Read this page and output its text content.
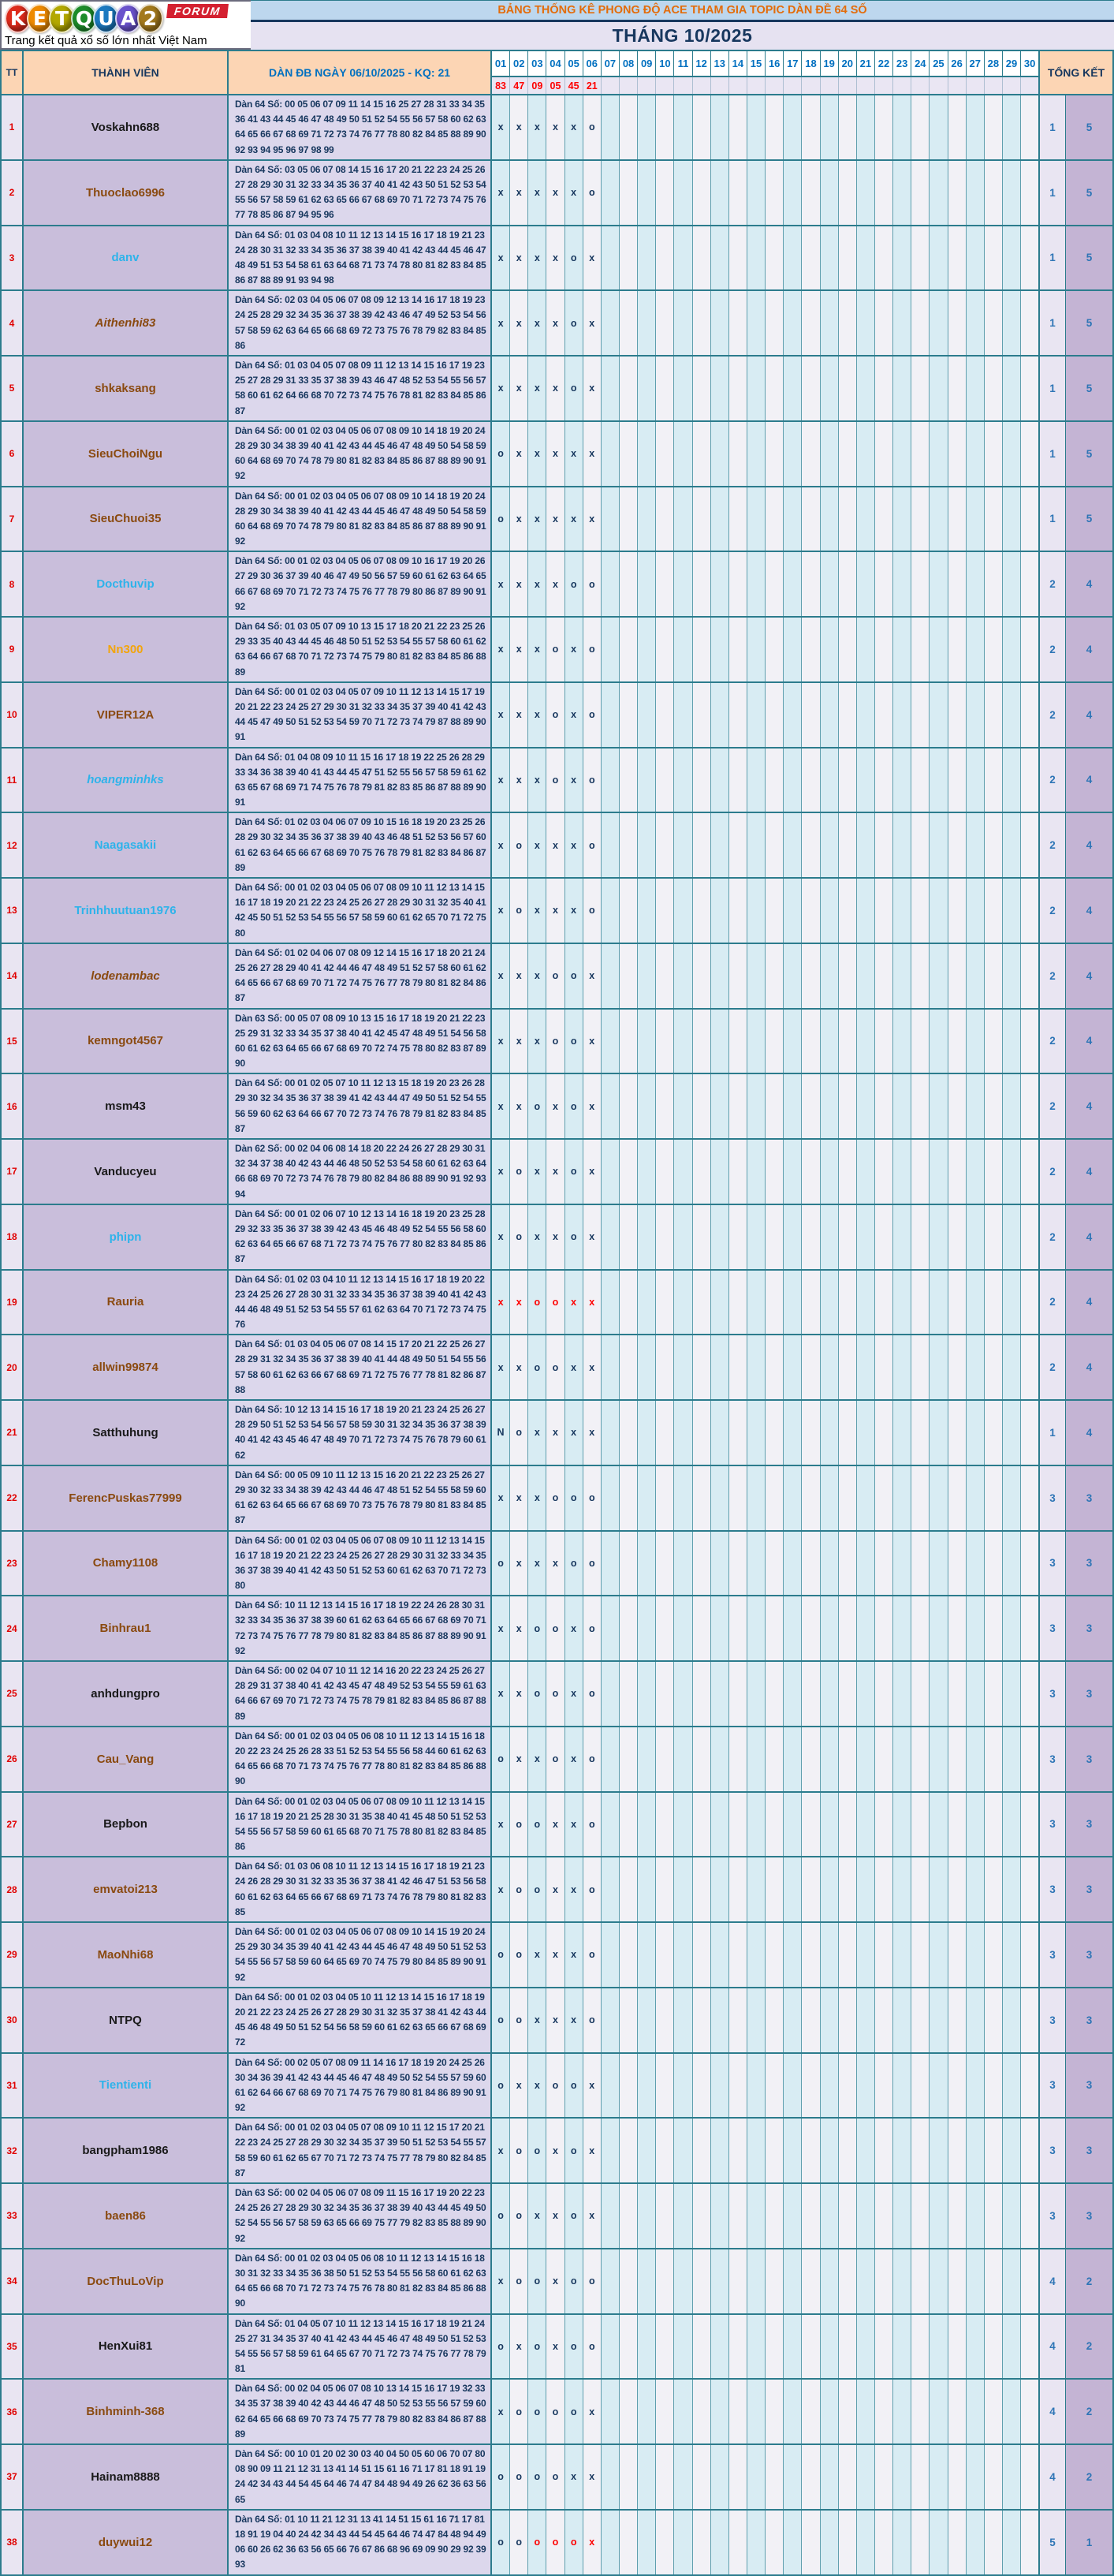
K E T Q U A 2	FORUM
Trang kết quả xổ số lớn nhất Việt Nam
BẢNG THỐNG KÊ PHONG ĐỘ ACE THAM GIA TOPIC DÀN ĐỀ 64 SỐ
THÁNG 10/2025
TT	THÀNH VIÊN	DÀN ĐB NGÀY 06/10/2025 - KQ: 21
01 02 03 04 05 06 07 08 09 10 11 12 13 14 15 16 17 18 19 20 21 22 23 24 25 26 27 28 29 30
83 47 09 05 45 21
TỔNG KẾT
1	Voskahn688
Dàn 64 Số: 00 05 06 07 09 11 14 15 16 25 27 28 31 33 34 35 36 41 43 44 45 46 47 48 49 50 51 52 54 55 56 57 58 60 62 63 64 65 66 67 68 69 71 72 73 74 76 77 78 80 82 84 85 88 89 90 92 93 94 95 96 97 98 99
x	x	x	x	x	o	1	5
2	Thuoclao6996
Dàn 64 Số: 03 05 06 07 08 14 15 16 17 20 21 22 23 24 25 26 27 28 29 30 31 32 33 34 35 36 37 40 41 42 43 50 51 52 53 54 55 56 57 58 59 61 62 63 65 66 67 68 69 70 71 72 73 74 75 76 77 78 85 86 87 94 95 96
x	x	x	x	x	o	1	5
3	danv
Dàn 64 Số: 01 03 04 08 10 11 12 13 14 15 16 17 18 19 21 23 24 28 30 31 32 33 34 35 36 37 38 39 40 41 42 43 44 45 46 47 48 49 51 53 54 58 61 63 64 68 71 73 74 78 80 81 82 83 84 85 86 87 88 89 91 93 94 98
x	x	x	x	o	x	1	5
4	Aithenhi83
Dàn 64 Số: 02 03 04 05 06 07 08 09 12 13 14 16 17 18 19 23 24 25 28 29 32 34 35 36 37 38 39 42 43 46 47 49 52 53 54 56 57 58 59 62 63 64 65 66 68 69 72 73 75 76 78 79 82 83 84 85 86
x	x	x	x	o	x	1	5
5	shkaksang
Dàn 64 Số: 01 03 04 05 07 08 09 11 12 13 14 15 16 17 19 23 25 27 28 29 31 33 35 37 38 39 43 46 47 48 52 53 54 55 56 57 58 60 61 62 64 66 68 70 72 73 74 75 76 78 81 82 83 84 85 86 87
x	x	x	x	o	x	1	5
6	SieuChoiNgu
Dàn 64 Số: 00 01 02 03 04 05 06 07 08 09 10 14 18 19 20 24 28 29 30 34 38 39 40 41 42 43 44 45 46 47 48 49 50 54 58 59 60 64 68 69 70 74 78 79 80 81 82 83 84 85 86 87 88 89 90 91 92
o	x	x	x	x	x	1	5
7	SieuChuoi35
Dàn 64 Số: 00 01 02 03 04 05 06 07 08 09 10 14 18 19 20 24 28 29 30 34 38 39 40 41 42 43 44 45 46 47 48 49 50 54 58 59 60 64 68 69 70 74 78 79 80 81 82 83 84 85 86 87 88 89 90 91 92
o	x	x	x	x	x	1	5
8	Docthuvip
Dàn 64 Số: 00 01 02 03 04 05 06 07 08 09 10 16 17 19 20 26 27 29 30 36 37 39 40 46 47 49 50 56 57 59 60 61 62 63 64 65 66 67 68 69 70 71 72 73 74 75 76 77 78 79 80 86 87 89 90 91 92
x	x	x	x	o	o	2	4
9	Nn300
Dàn 64 Số: 01 03 05 07 09 10 13 15 17 18 20 21 22 23 25 26 29 33 35 40 43 44 45 46 48 50 51 52 53 54 55 57 58 60 61 62 63 64 66 67 68 70 71 72 73 74 75 79 80 81 82 83 84 85 86 88 89
x	x	x	o	x	o	2	4
10	VIPER12A
Dàn 64 Số: 00 01 02 03 04 05 07 09 10 11 12 13 14 15 17 19 20 21 22 23 24 25 27 29 30 31 32 33 34 35 37 39 40 41 42 43 44 45 47 49 50 51 52 53 54 59 70 71 72 73 74 79 87 88 89 90 91
x	x	x	o	x	o	2	4
11	hoangminhks
Dàn 64 Số: 01 04 08 09 10 11 15 16 17 18 19 22 25 26 28 29 33 34 36 38 39 40 41 43 44 45 47 51 52 55 56 57 58 59 61 62 63 65 67 68 69 71 74 75 76 78 79 81 82 83 85 86 87 88 89 90 91
x	x	x	o	x	o	2	4
12	Naagasakii
Dàn 64 Số: 01 02 03 04 06 07 09 10 15 16 18 19 20 23 25 26 28 29 30 32 34 35 36 37 38 39 40 43 46 48 51 52 53 56 57 60 61 62 63 64 65 66 67 68 69 70 75 76 78 79 81 82 83 84 86 87 89
x	o	x	x	x	o	2	4
13	Trinhhuutuan1976
Dàn 64 Số: 00 01 02 03 04 05 06 07 08 09 10 11 12 13 14 15 16 17 18 19 20 21 22 23 24 25 26 27 28 29 30 31 32 35 40 41 42 45 50 51 52 53 54 55 56 57 58 59 60 61 62 65 70 71 72 75 80
x	o	x	x	x	o	2	4
14	lodenambac
Dàn 64 Số: 01 02 04 06 07 08 09 12 14 15 16 17 18 20 21 24 25 26 27 28 29 40 41 42 44 46 47 48 49 51 52 57 58 60 61 62 64 65 66 67 68 69 70 71 72 74 75 76 77 78 79 80 81 82 84 86 87
x	x	x	o	o	x	2	4
15	kemngot4567
Dàn 63 Số: 00 05 07 08 09 10 13 15 16 17 18 19 20 21 22 23 25 29 31 32 33 34 35 37 38 40 41 42 45 47 48 49 51 54 56 58 60 61 62 63 64 65 66 67 68 69 70 72 74 75 78 80 82 83 87 89 90
x	x	x	o	o	x	2	4
16	msm43
Dàn 64 Số: 00 01 02 05 07 10 11 12 13 15 18 19 20 23 26 28 29 30 32 34 35 36 37 38 39 41 42 43 44 47 49 50 51 52 54 55 56 59 60 62 63 64 66 67 70 72 73 74 76 78 79 81 82 83 84 85 87
x	x	o	x	o	x	2	4
17	Vanducyeu
Dàn 62 Số: 00 02 04 06 08 14 18 20 22 24 26 27 28 29 30 31 32 34 37 38 40 42 43 44 46 48 50 52 53 54 58 60 61 62 63 64 66 68 69 70 72 73 74 76 78 79 80 82 84 86 88 89 90 91 92 93 94
x	o	x	x	o	x	2	4
18	phipn
Dàn 64 Số: 00 01 02 06 07 10 12 13 14 16 18 19 20 23 25 28 29 32 33 35 36 37 38 39 42 43 45 46 48 49 52 54 55 56 58 60 62 63 64 65 66 67 68 71 72 73 74 75 76 77 80 82 83 84 85 86 87
x	o	x	x	o	x	2	4
19	Rauria
Dàn 64 Số: 01 02 03 04 10 11 12 13 14 15 16 17 18 19 20 22 23 24 25 26 27 28 30 31 32 33 34 35 36 37 38 39 40 41 42 43 44 46 48 49 51 52 53 54 55 57 61 62 63 64 70 71 72 73 74 75 76
x	x	o	o	x	x	2	4
20	allwin99874
Dàn 64 Số: 01 03 04 05 06 07 08 14 15 17 20 21 22 25 26 27 28 29 31 32 34 35 36 37 38 39 40 41 44 48 49 50 51 54 55 56 57 58 60 61 62 63 66 67 68 69 71 72 75 76 77 78 81 82 86 87 88
x	x	o	o	x	x	2	4
21	Satthuhung
Dàn 64 Số: 10 12 13 14 15 16 17 18 19 20 21 23 24 25 26 27 28 29 50 51 52 53 54 56 57 58 59 30 31 32 34 35 36 37 38 39 40 41 42 43 45 46 47 48 49 70 71 72 73 74 75 76 78 79 60 61 62
N	o	x	x	x	x	1	4
22	FerencPuskas77999
Dàn 64 Số: 00 05 09 10 11 12 13 15 16 20 21 22 23 25 26 27 29 30 32 33 34 38 39 42 43 44 46 47 48 51 52 54 55 58 59 60 61 62 63 64 65 66 67 68 69 70 73 75 76 78 79 80 81 83 84 85 87
x	x	x	o	o	o	3	3
23	Chamy1108
Dàn 64 Số: 00 01 02 03 04 05 06 07 08 09 10 11 12 13 14 15 16 17 18 19 20 21 22 23 24 25 26 27 28 29 30 31 32 33 34 35 36 37 38 39 40 41 42 43 50 51 52 53 60 61 62 63 70 71 72 73 80
o	x	x	x	o	o	3	3
24	Binhrau1
Dàn 64 Số: 10 11 12 13 14 15 16 17 18 19 22 24 26 28 30 31 32 33 34 35 36 37 38 39 60 61 62 63 64 65 66 67 68 69 70 71 72 73 74 75 76 77 78 79 80 81 82 83 84 85 86 87 88 89 90 91 92
x	x	o	o	x	o	3	3
25	anhdungpro
Dàn 64 Số: 00 02 04 07 10 11 12 14 16 20 22 23 24 25 26 27 28 29 31 37 38 40 41 42 43 45 47 48 49 52 53 54 55 59 61 63 64 66 67 69 70 71 72 73 74 75 78 79 81 82 83 84 85 86 87 88 89
x	x	o	o	x	o	3	3
26	Cau_Vang
Dàn 64 Số: 00 01 02 03 04 05 06 08 10 11 12 13 14 15 16 18 20 22 23 24 25 26 28 33 51 52 53 54 55 56 58 44 60 61 62 63 64 65 66 68 70 71 73 74 75 76 77 78 80 81 82 83 84 85 86 88 90
o	x	x	o	x	o	3	3
27	Bepbon
Dàn 64 Số: 00 01 02 03 04 05 06 07 08 09 10 11 12 13 14 15 16 17 18 19 20 21 25 28 30 31 35 38 40 41 45 48 50 51 52 53 54 55 56 57 58 59 60 61 65 68 70 71 75 78 80 81 82 83 84 85 86
x	o	o	x	x	o	3	3
28	emvatoi213
Dàn 64 Số: 01 03 06 08 10 11 12 13 14 15 16 17 18 19 21 23 24 26 28 29 30 31 32 33 35 36 37 38 41 42 46 47 51 53 56 58 60 61 62 63 64 65 66 67 68 69 71 73 74 76 78 79 80 81 82 83 85
x	o	o	x	x	o	3	3
29	MaoNhi68
Dàn 64 Số: 00 01 02 03 04 05 06 07 08 09 10 14 15 19 20 24 25 29 30 34 35 39 40 41 42 43 44 45 46 47 48 49 50 51 52 53 54 55 56 57 58 59 60 64 65 69 70 74 75 79 80 84 85 89 90 91 92
o	o	x	x	x	o	3	3
30	NTPQ
Dàn 64 Số: 00 01 02 03 04 05 10 11 12 13 14 15 16 17 18 19 20 21 22 23 24 25 26 27 28 29 30 31 32 35 37 38 41 42 43 44 45 46 48 49 50 51 52 54 56 58 59 60 61 62 63 65 66 67 68 69 72
o	o	x	x	x	o	3	3
31	Tientienti
Dàn 64 Số: 00 02 05 07 08 09 11 14 16 17 18 19 20 24 25 26 30 34 36 39 41 42 43 44 45 46 47 48 49 50 52 54 55 57 59 60 61 62 64 66 67 68 69 70 71 74 75 76 79 80 81 84 86 89 90 91 92
o	x	x	o	o	x	3	3
32	bangpham1986
Dàn 64 Số: 00 01 02 03 04 05 07 08 09 10 11 12 15 17 20 21 22 23 24 25 27 28 29 30 32 34 35 37 39 50 51 52 53 54 55 57 58 59 60 61 62 65 67 70 71 72 73 74 75 77 78 79 80 82 84 85 87
x	o	o	x	o	x	3	3
33	baen86
Dàn 63 Số: 00 02 04 05 06 07 08 09 11 15 16 17 19 20 22 23 24 25 26 27 28 29 30 32 34 35 36 37 38 39 40 43 44 45 49 50 52 54 55 56 57 58 59 63 65 66 69 75 77 79 82 83 85 88 89 90 92
o	o	x	x	o	x	3	3
34	DocThuLoVip
Dàn 64 Số: 00 01 02 03 04 05 06 08 10 11 12 13 14 15 16 18 30 31 32 33 34 35 36 38 50 51 52 53 54 55 56 58 60 61 62 63 64 65 66 68 70 71 72 73 74 75 76 78 80 81 82 83 84 85 86 88 90
x	o	o	x	o	o	4	2
35	HenXui81
Dàn 64 Số: 01 04 05 07 10 11 12 13 14 15 16 17 18 19 21 24 25 27 31 34 35 37 40 41 42 43 44 45 46 47 48 49 50 51 52 53 54 55 56 57 58 59 61 64 65 67 70 71 72 73 74 75 76 77 78 79 81
o	x	o	x	o	o	4	2
36	Binhminh-368
Dàn 64 Số: 00 02 04 05 06 07 08 10 13 14 15 16 17 19 32 33 34 35 37 38 39 40 42 43 44 46 47 48 50 52 53 55 56 57 59 60 62 64 65 66 68 69 70 73 74 75 77 78 79 80 82 83 84 86 87 88 89
x	o	o	o	o	x	4	2
37	Hainam8888
Dàn 64 Số: 00 10 01 20 02 30 03 40 04 50 05 60 06 70 07 80 08 90 09 11 21 12 31 13 41 14 51 15 61 16 71 17 81 18 91 19 24 42 34 43 44 54 45 64 46 74 47 84 48 94 49 26 62 36 63 56 65
o	o	o	o	x	x	4	2
38	duywui12
Dàn 64 Số: 01 10 11 21 12 31 13 41 14 51 15 61 16 71 17 81 18 91 19 04 40 24 42 34 43 44 54 45 64 46 74 47 84 48 94 49 06 60 26 62 36 63 56 65 66 76 67 86 68 96 69 09 90 29 92 39 93
o	o	o	o	o	x	5	1
